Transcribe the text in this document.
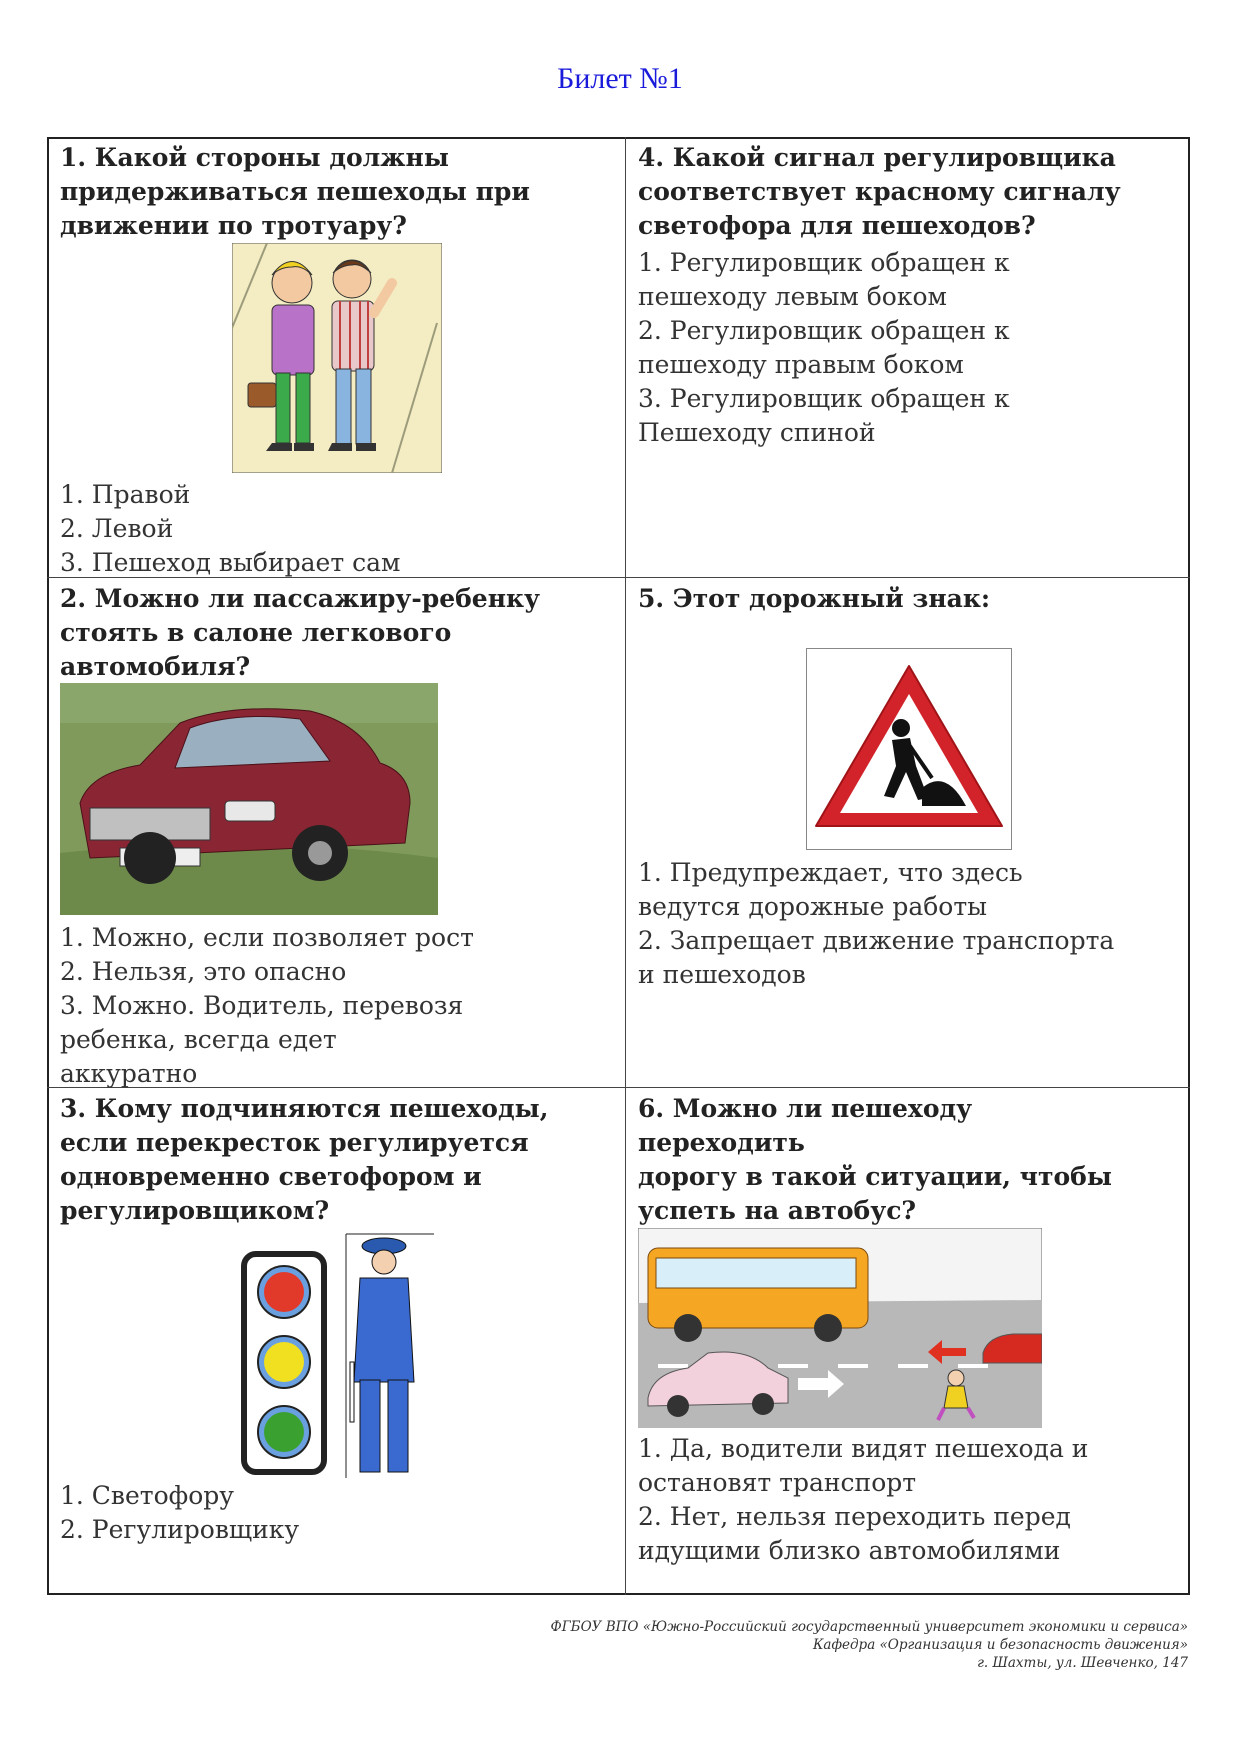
Билет №1
1. Какой стороны должны придерживаться пешеходы при движении по тротуару?
1. Правой
2. Левой
3. Пешеход выбирает сам
4. Какой сигнал регулировщика соответствует красному сигналу светофора для пешеходов?
1. Регулировщик обращен к
пешеходу левым боком
2. Регулировщик обращен к
пешеходу правым боком
3. Регулировщик обращен к
Пешеходу спиной
2. Можно ли пассажиру-ребенку стоять в салоне легкового автомобиля?
1. Можно, если позволяет рост
2. Нельзя, это опасно
3. Можно. Водитель, перевозя
ребенка, всегда едет
аккуратно
5. Этот дорожный знак:
1. Предупреждает, что здесь
ведутся дорожные работы
2. Запрещает движение транспорта
и пешеходов
3. Кому подчиняются пешеходы, если перекресток регулируется одновременно светофором и регулировщиком?
1. Светофору
2. Регулировщику
6. Можно ли пешеходу
переходить
дорогу в такой ситуации, чтобы
успеть на автобус?
1. Да, водители видят пешехода и
остановят транспорт
2. Нет, нельзя переходить перед
идущими близко автомобилями
ФГБОУ ВПО «Южно-Российский государственный университет экономики и сервиса»
Кафедра «Организация и безопасность движения»
г. Шахты, ул. Шевченко, 147
